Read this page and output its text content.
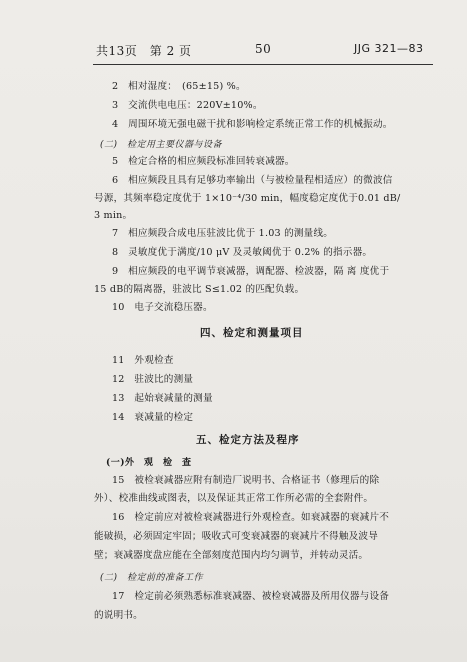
共13页　第 2 页	50	JJG 321—83
2　相对湿度：　(65±15) %。
3　交流供电电压：220V±10%。
4　周围环境无强电磁干扰和影响检定系统正常工作的机械振动。
(二)　检定用主要仪器与设备
5　检定合格的相应频段标准回转衰减器。
6　相应频段且具有足够功率输出（与被检量程相适应）的微波信
号源，其频率稳定度优于 1×10⁻⁴/30 min，幅度稳定度优于0.01 dB/
3 min。
7　相应频段合成电压驻波比优于 1.03 的测量线。
8　灵敏度优于满度/10 μV 及灵敏阈优于 0.2% 的指示器。
9　相应频段的电平调节衰减器，调配器、检波器，隔 离 度优于
15 dB的隔离器，驻波比 S≤1.02 的匹配负载。
10　电子交流稳压器。
四、检定和测量项目
11　外观检查
12　驻波比的测量
13　起始衰减量的测量
14　衰减量的检定
五、检定方法及程序
(一)外　观　检　查
15　被检衰减器应附有制造厂说明书、合格证书（修理后的除
外）、校准曲线或图表，以及保证其正常工作所必需的全套附件。
16　检定前应对被检衰减器进行外观检查。如衰减器的衰减片不
能破损，必须固定牢固；吸收式可变衰减器的衰减片不得触及波导
壁；衰减器度盘应能在全部刻度范围内均匀调节，并转动灵活。
(二)　检定前的准备工作
17　检定前必须熟悉标准衰减器、被检衰减器及所用仪器与设备
的说明书。
